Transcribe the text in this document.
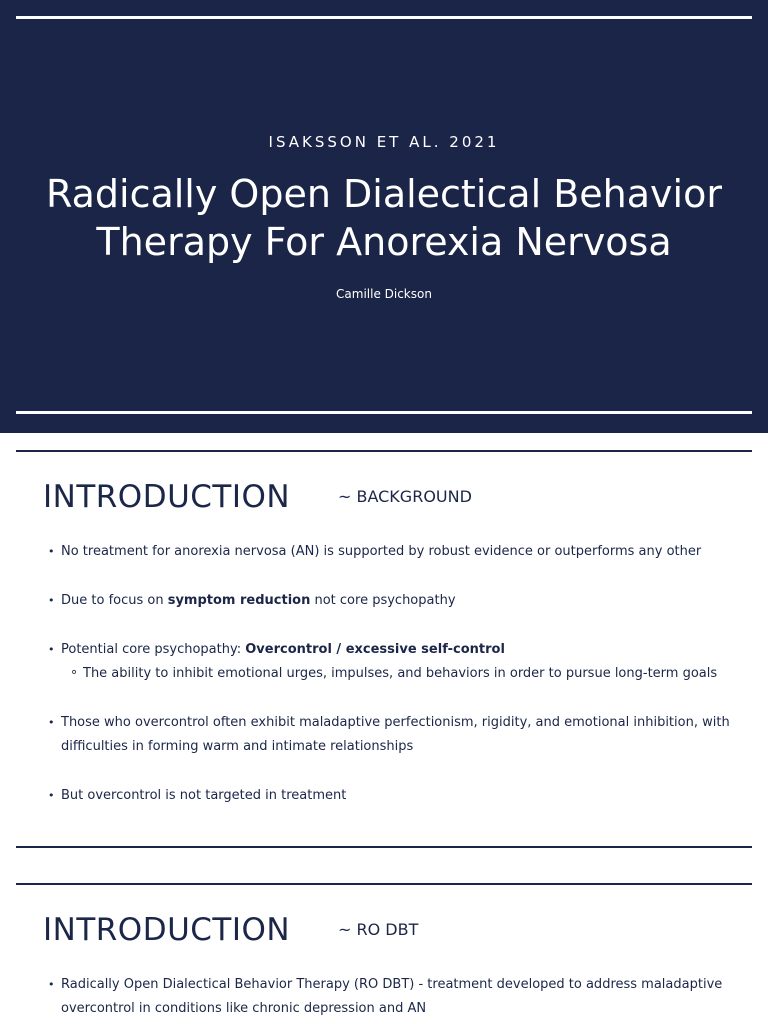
ISAKSSON ET AL. 2021
Radically Open Dialectical Behavior
Therapy For Anorexia Nervosa
Camille Dickson
INTRODUCTION	~ BACKGROUND
• No treatment for anorexia nervosa (AN) is supported by robust evidence or outperforms any other
• Due to focus on symptom reduction not core psychopathy
• Potential core psychopathy: Overcontrol / excessive self-control
∘ The ability to inhibit emotional urges, impulses, and behaviors in order to pursue long-term goals
• Those who overcontrol often exhibit maladaptive perfectionism, rigidity, and emotional inhibition, with difficulties in forming warm and intimate relationships
• But overcontrol is not targeted in treatment
INTRODUCTION	~ RO DBT
• Radically Open Dialectical Behavior Therapy (RO DBT) - treatment developed to address maladaptive overcontrol in conditions like chronic depression and AN
